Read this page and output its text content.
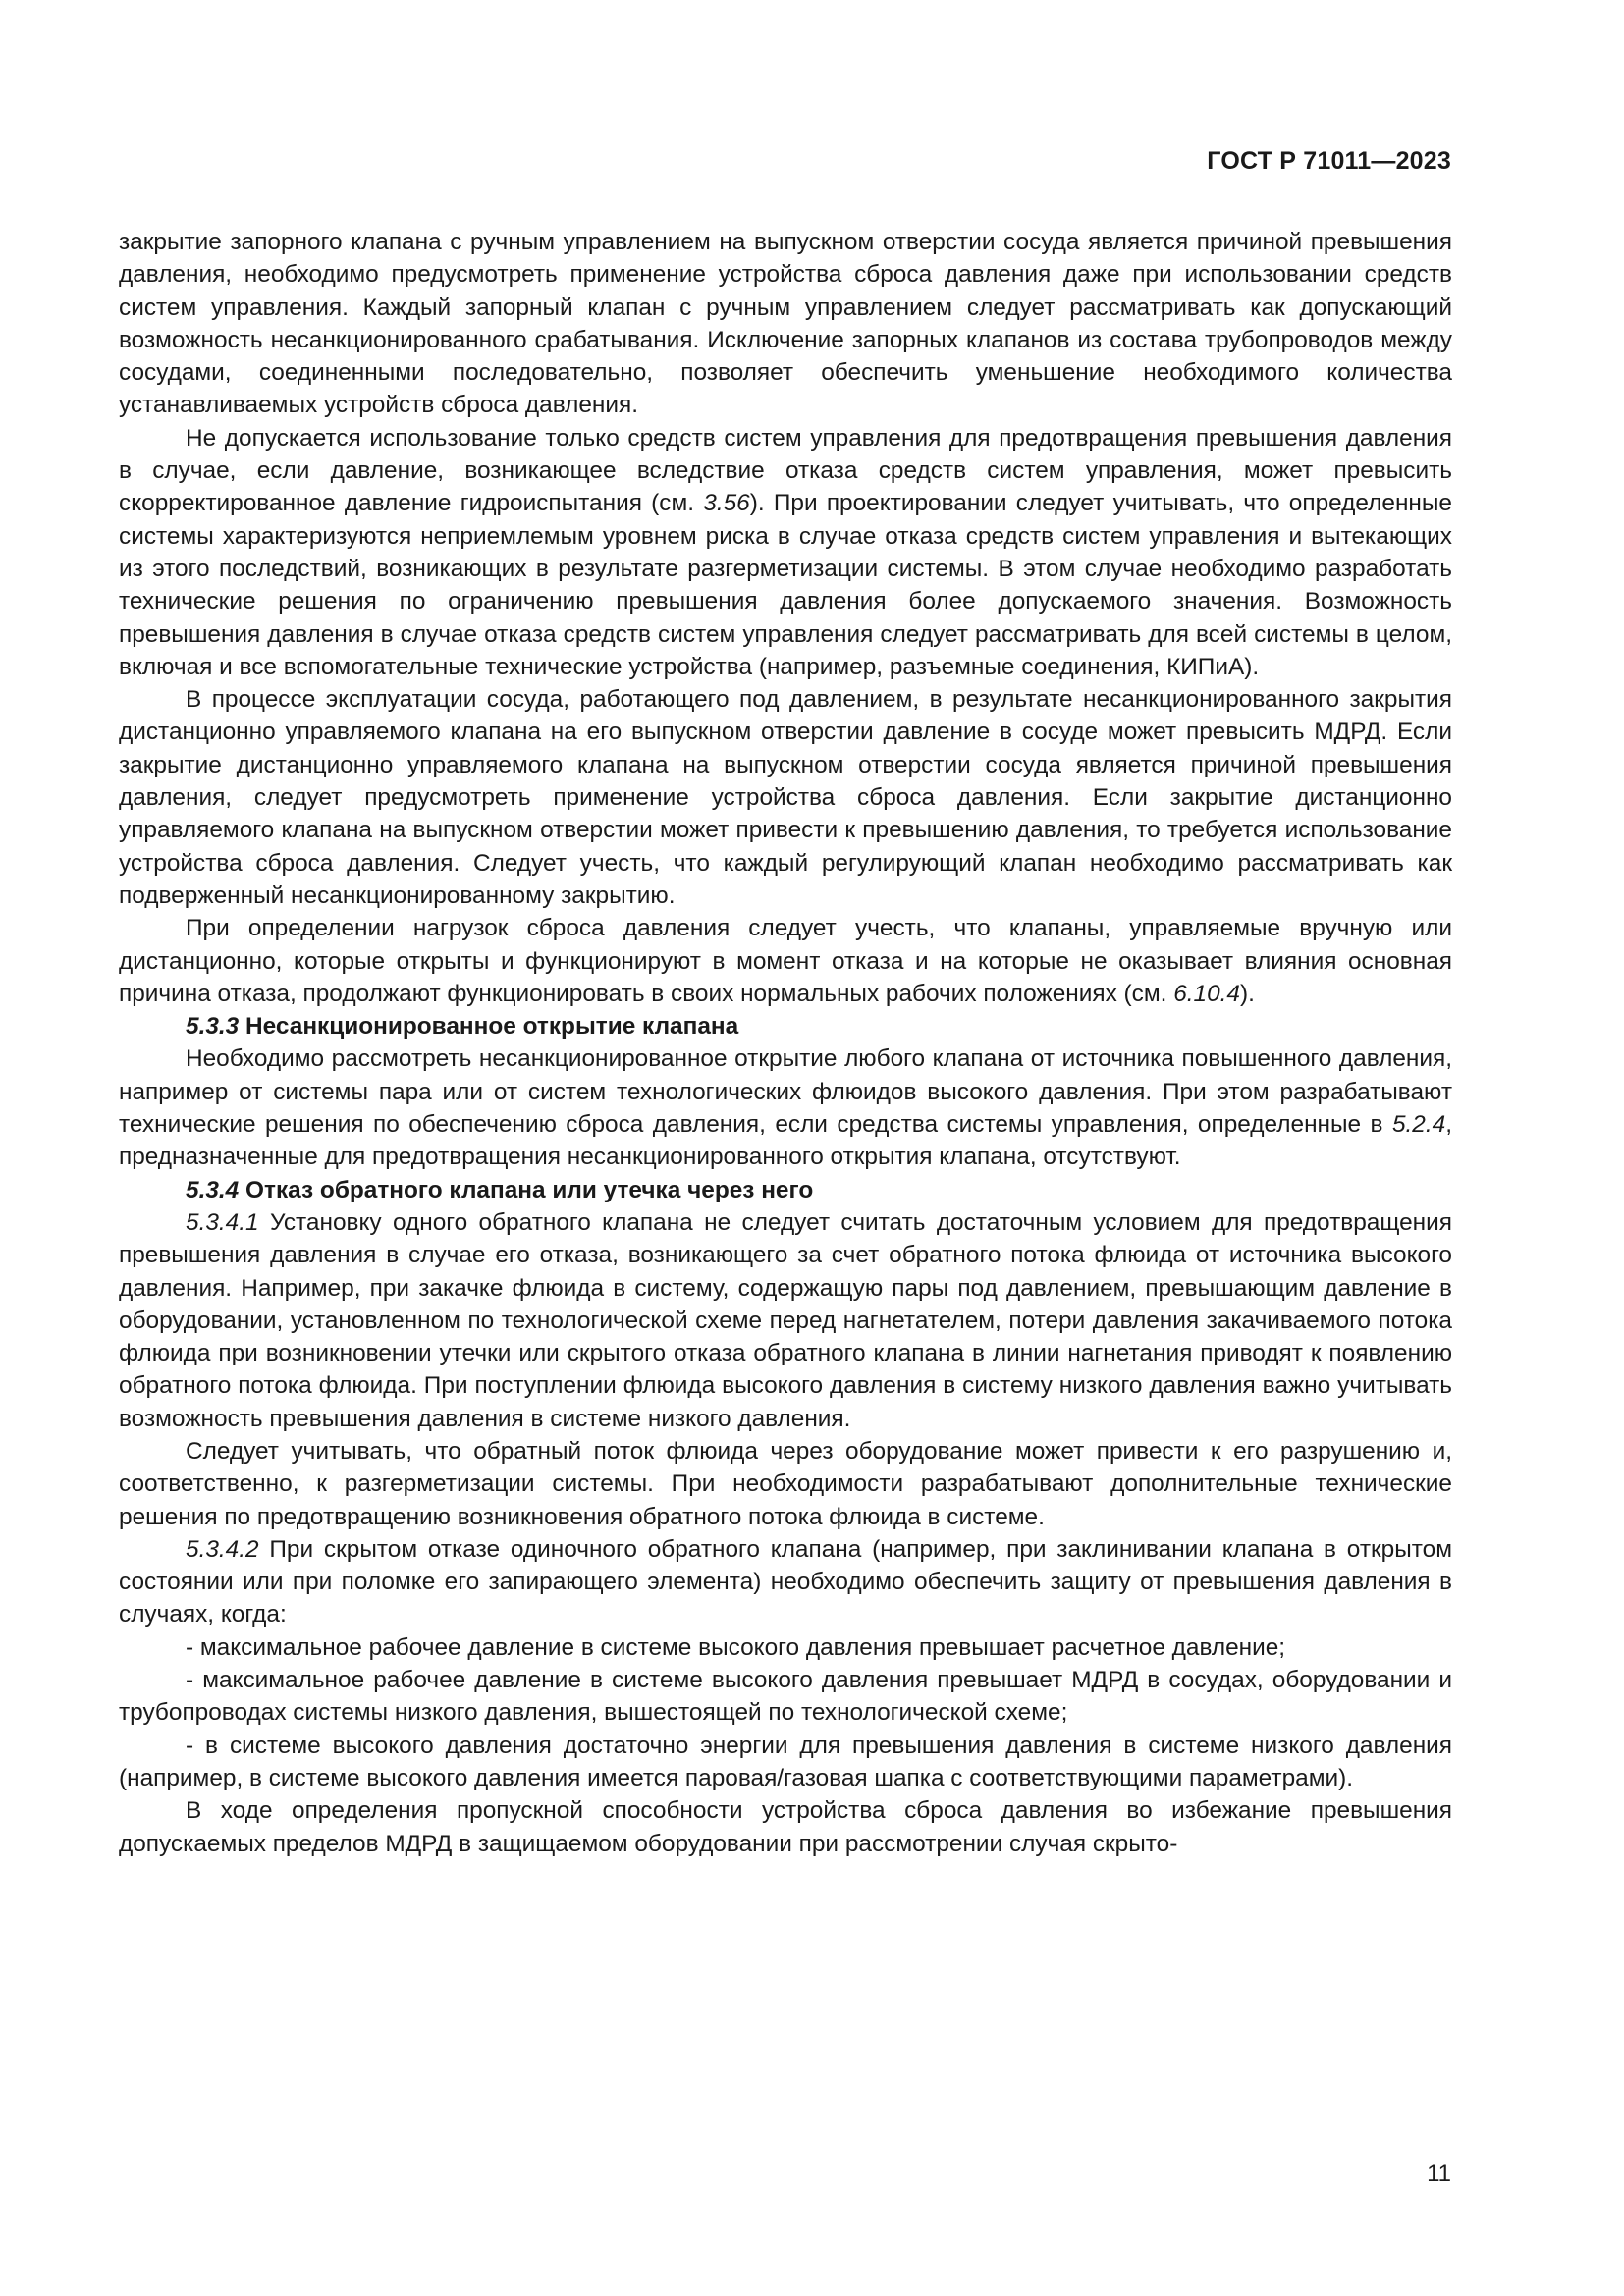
ГОСТ Р 71011—2023

закрытие запорного клапана с ручным управлением на выпускном отверстии сосуда является причиной превышения давления, необходимо предусмотреть применение устройства сброса давления даже при использовании средств систем управления. Каждый запорный клапан с ручным управлением следует рассматривать как допускающий возможность несанкционированного срабатывания. Исключение запорных клапанов из состава трубопроводов между сосудами, соединенными последовательно, позволяет обеспечить уменьшение необходимого количества устанавливаемых устройств сброса давления.

Не допускается использование только средств систем управления для предотвращения превышения давления в случае, если давление, возникающее вследствие отказа средств систем управления, может превысить скорректированное давление гидроиспытания (см. 3.56). При проектировании следует учитывать, что определенные системы характеризуются неприемлемым уровнем риска в случае отказа средств систем управления и вытекающих из этого последствий, возникающих в результате разгерметизации системы. В этом случае необходимо разработать технические решения по ограничению превышения давления более допускаемого значения. Возможность превышения давления в случае отказа средств систем управления следует рассматривать для всей системы в целом, включая и все вспомогательные технические устройства (например, разъемные соединения, КИПиА).

В процессе эксплуатации сосуда, работающего под давлением, в результате несанкционированного закрытия дистанционно управляемого клапана на его выпускном отверстии давление в сосуде может превысить МДРД. Если закрытие дистанционно управляемого клапана на выпускном отверстии сосуда является причиной превышения давления, следует предусмотреть применение устройства сброса давления. Если закрытие дистанционно управляемого клапана на выпускном отверстии может привести к превышению давления, то требуется использование устройства сброса давления. Следует учесть, что каждый регулирующий клапан необходимо рассматривать как подверженный несанкционированному закрытию.

При определении нагрузок сброса давления следует учесть, что клапаны, управляемые вручную или дистанционно, которые открыты и функционируют в момент отказа и на которые не оказывает влияния основная причина отказа, продолжают функционировать в своих нормальных рабочих положениях (см. 6.10.4).

5.3.3 Несанкционированное открытие клапана

Необходимо рассмотреть несанкционированное открытие любого клапана от источника повышенного давления, например от системы пара или от систем технологических флюидов высокого давления. При этом разрабатывают технические решения по обеспечению сброса давления, если средства системы управления, определенные в 5.2.4, предназначенные для предотвращения несанкционированного открытия клапана, отсутствуют.

5.3.4 Отказ обратного клапана или утечка через него

5.3.4.1 Установку одного обратного клапана не следует считать достаточным условием для предотвращения превышения давления в случае его отказа, возникающего за счет обратного потока флюида от источника высокого давления. Например, при закачке флюида в систему, содержащую пары под давлением, превышающим давление в оборудовании, установленном по технологической схеме перед нагнетателем, потери давления закачиваемого потока флюида при возникновении утечки или скрытого отказа обратного клапана в линии нагнетания приводят к появлению обратного потока флюида. При поступлении флюида высокого давления в систему низкого давления важно учитывать возможность превышения давления в системе низкого давления.

Следует учитывать, что обратный поток флюида через оборудование может привести к его разрушению и, соответственно, к разгерметизации системы. При необходимости разрабатывают дополнительные технические решения по предотвращению возникновения обратного потока флюида в системе.

5.3.4.2 При скрытом отказе одиночного обратного клапана (например, при заклинивании клапана в открытом состоянии или при поломке его запирающего элемента) необходимо обеспечить защиту от превышения давления в случаях, когда:

- максимальное рабочее давление в системе высокого давления превышает расчетное давление;

- максимальное рабочее давление в системе высокого давления превышает МДРД в сосудах, оборудовании и трубопроводах системы низкого давления, вышестоящей по технологической схеме;

- в системе высокого давления достаточно энергии для превышения давления в системе низкого давления (например, в системе высокого давления имеется паровая/газовая шапка с соответствующими параметрами).

В ходе определения пропускной способности устройства сброса давления во избежание превышения допускаемых пределов МДРД в защищаемом оборудовании при рассмотрении случая скрыто-

11
